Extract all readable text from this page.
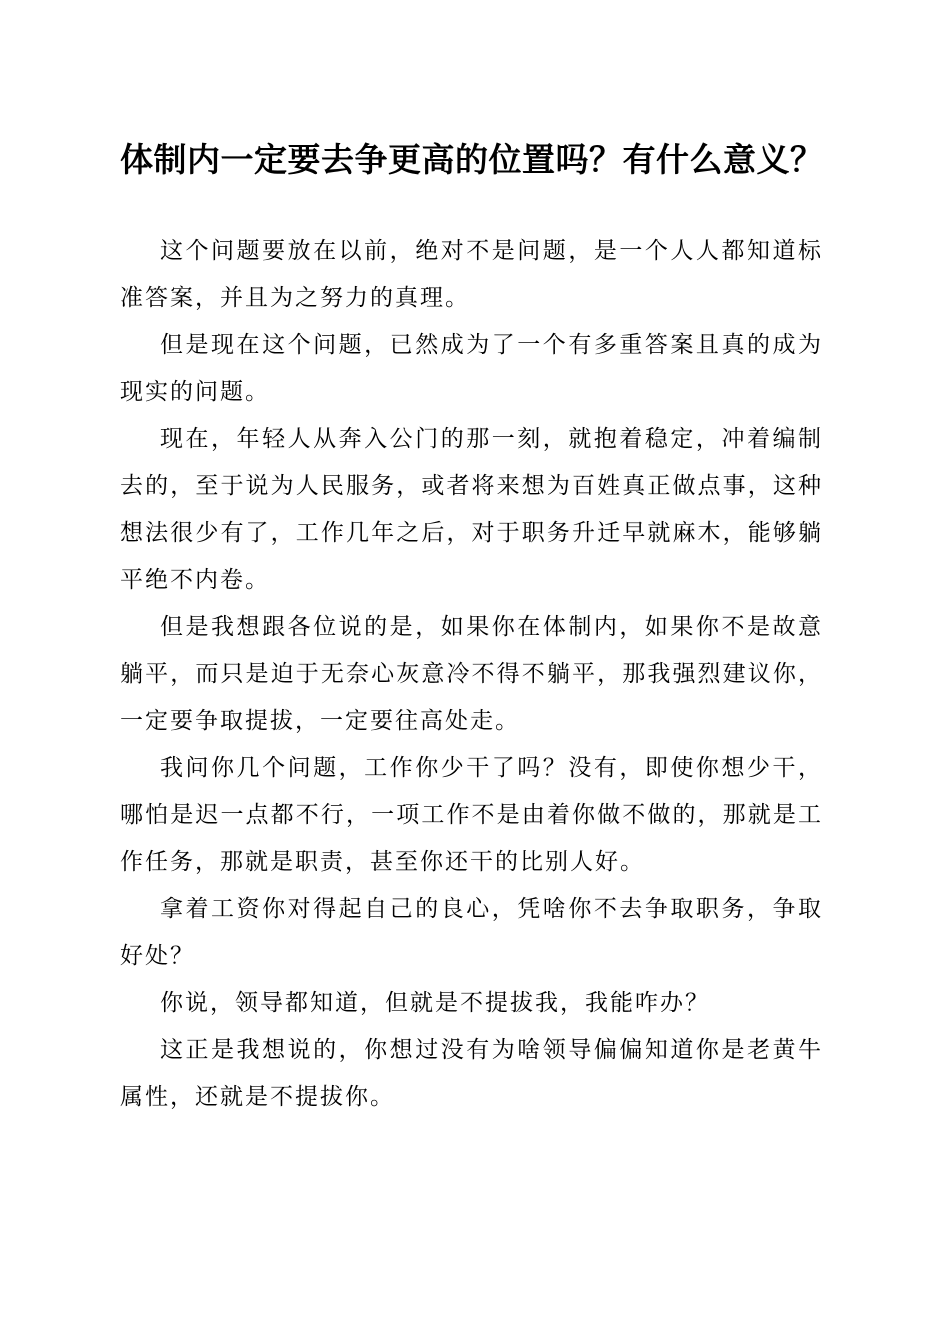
体制内一定要去争更高的位置吗？有什么意义？

这个问题要放在以前，绝对不是问题，是一个人人都知道标准答案，并且为之努力的真理。

但是现在这个问题，已然成为了一个有多重答案且真的成为现实的问题。

现在，年轻人从奔入公门的那一刻，就抱着稳定，冲着编制去的，至于说为人民服务，或者将来想为百姓真正做点事，这种想法很少有了，工作几年之后，对于职务升迁早就麻木，能够躺平绝不内卷。

但是我想跟各位说的是，如果你在体制内，如果你不是故意躺平，而只是迫于无奈心灰意冷不得不躺平，那我强烈建议你，一定要争取提拔，一定要往高处走。

我问你几个问题，工作你少干了吗？没有，即使你想少干，哪怕是迟一点都不行，一项工作不是由着你做不做的，那就是工作任务，那就是职责，甚至你还干的比别人好。

拿着工资你对得起自己的良心，凭啥你不去争取职务，争取好处？

你说，领导都知道，但就是不提拔我，我能咋办？

这正是我想说的，你想过没有为啥领导偏偏知道你是老黄牛属性，还就是不提拔你。
